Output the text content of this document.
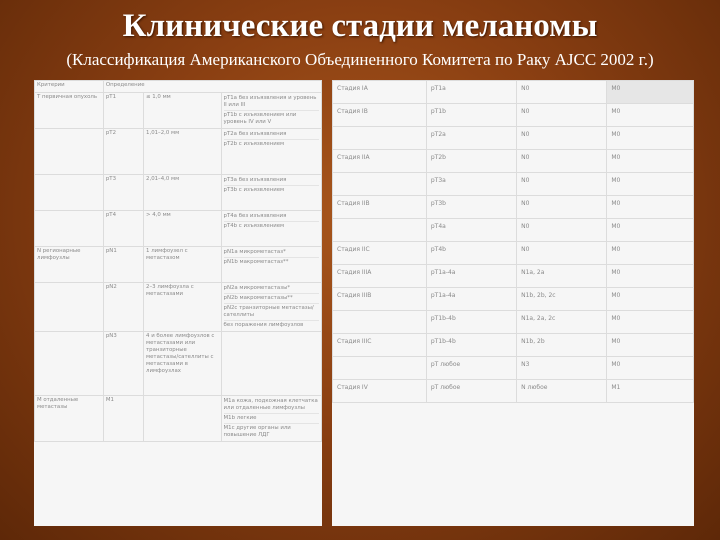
Клинические стадии меланомы
(Классификация Американского Объединенного Комитета по Раку AJCC 2002 г.)
Критерии	Определение		
Т первичная опухоль	pT1	≤ 1,0 мм	pT1a без изъязвления и уровень II или III
pT1b с изъязвлением или уровень IV или V

	pT2	1,01–2,0 мм	pT2a без изъязвления
pT2b с изъязвлением

	pT3	2,01–4,0 мм	pT3a без изъязвления
pT3b с изъязвлением

	pT4	> 4,0 мм	pT4a без изъязвления
pT4b с изъязвлением

N регионарные лимфоузлы	pN1	1 лимфоузел с метастазом	pN1a микрометастаз*
pN1b макрометастаз**

	pN2	2–3 лимфоузла с метастазами	pN2a микрометастазы*
pN2b макрометастазы**
pN2c транзиторные метастазы/ сателлиты
без поражения лимфоузлов

	pN3	4 и более лимфоузлов с метастазами или транзиторные метастазы/сателлиты с метастазами в лимфоузлах	
М отдаленные метастазы	M1		M1a кожа, подкожная клетчатка или отдаленные лимфоузлы
M1b легкие
M1c другие органы или повышение ЛДГ
Стадия IA	pT1a	N0	M0
Стадия IB	pT1b	N0	M0
	pT2a	N0	M0
Стадия IIA	pT2b	N0	M0
	pT3a	N0	M0
Стадия IIB	pT3b	N0	M0
	pT4a	N0	M0
Стадия IIC	pT4b	N0	M0
Стадия IIIA	pT1a-4a	N1a, 2a	M0
Стадия IIIB	pT1a-4a	N1b, 2b, 2c	M0
	pT1b-4b	N1a, 2a, 2c	M0
Стадия IIIC	pT1b-4b	N1b, 2b	M0
	pT любое	N3	M0
Стадия IV	pT любое	N любое	M1
